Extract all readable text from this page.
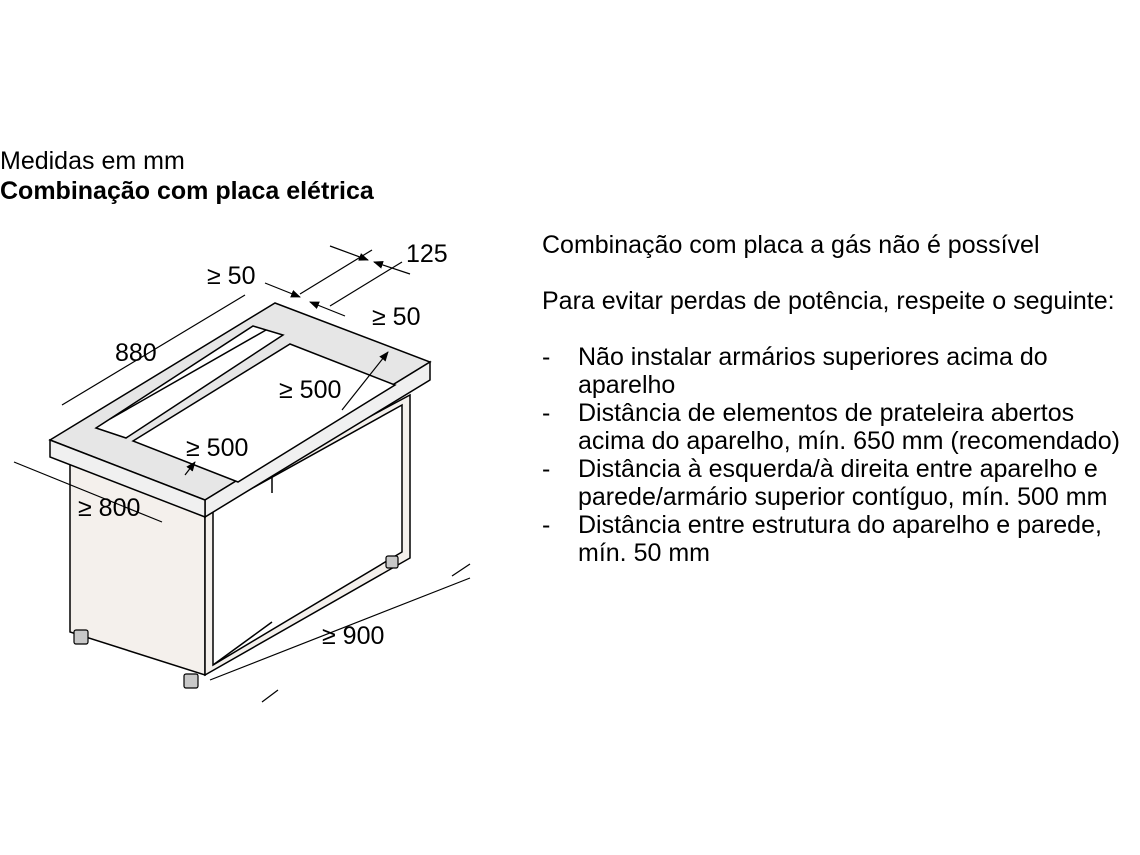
Medidas em mm
Combinação com placa elétrica
≥ 50
125
≥ 50
880
≥ 500
≥ 500
≥ 800
≥ 900

Combinação com placa a gás não é possível

Para evitar perdas de potência, respeite o seguinte:

- Não instalar armários superiores acima do aparelho
- Distância de elementos de prateleira abertos acima do aparelho, mín. 650 mm (recomendado)
- Distância à esquerda/à direita entre aparelho e parede/armário superior contíguo, mín. 500 mm
- Distância entre estrutura do aparelho e parede, mín. 50 mm
